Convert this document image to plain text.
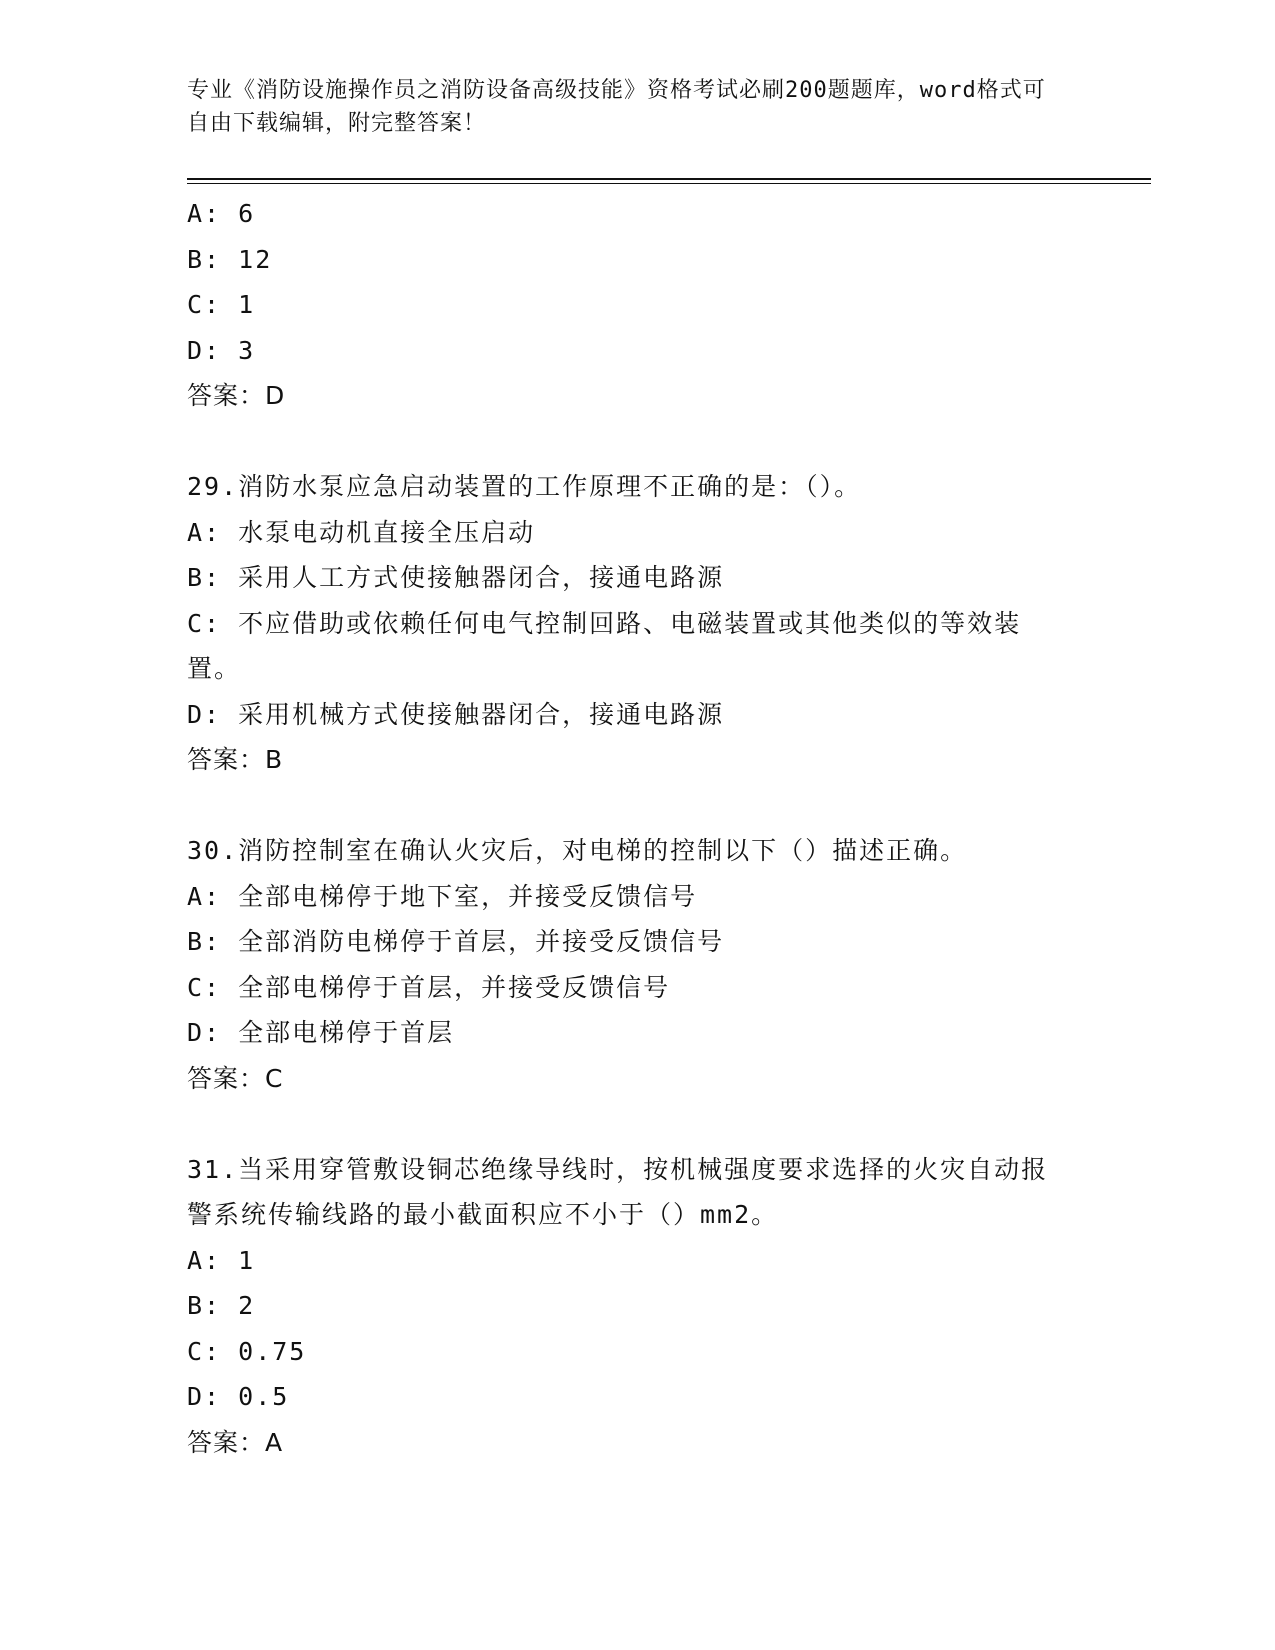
专业《消防设施操作员之消防设备高级技能》资格考试必刷200题题库，word格式可自由下载编辑，附完整答案！
A: 6
B: 12
C: 1
D: 3
答案：D
29.消防水泵应急启动装置的工作原理不正确的是：（）。
A: 水泵电动机直接全压启动
B: 采用人工方式使接触器闭合，接通电路源
C: 不应借助或依赖任何电气控制回路、电磁装置或其他类似的等效装置。
D: 采用机械方式使接触器闭合，接通电路源
答案：B
30.消防控制室在确认火灾后，对电梯的控制以下（）描述正确。
A: 全部电梯停于地下室，并接受反馈信号
B: 全部消防电梯停于首层，并接受反馈信号
C: 全部电梯停于首层，并接受反馈信号
D: 全部电梯停于首层
答案：C
31.当采用穿管敷设铜芯绝缘导线时，按机械强度要求选择的火灾自动报警系统传输线路的最小截面积应不小于（）mm2。
A: 1
B: 2
C: 0.75
D: 0.5
答案：A
